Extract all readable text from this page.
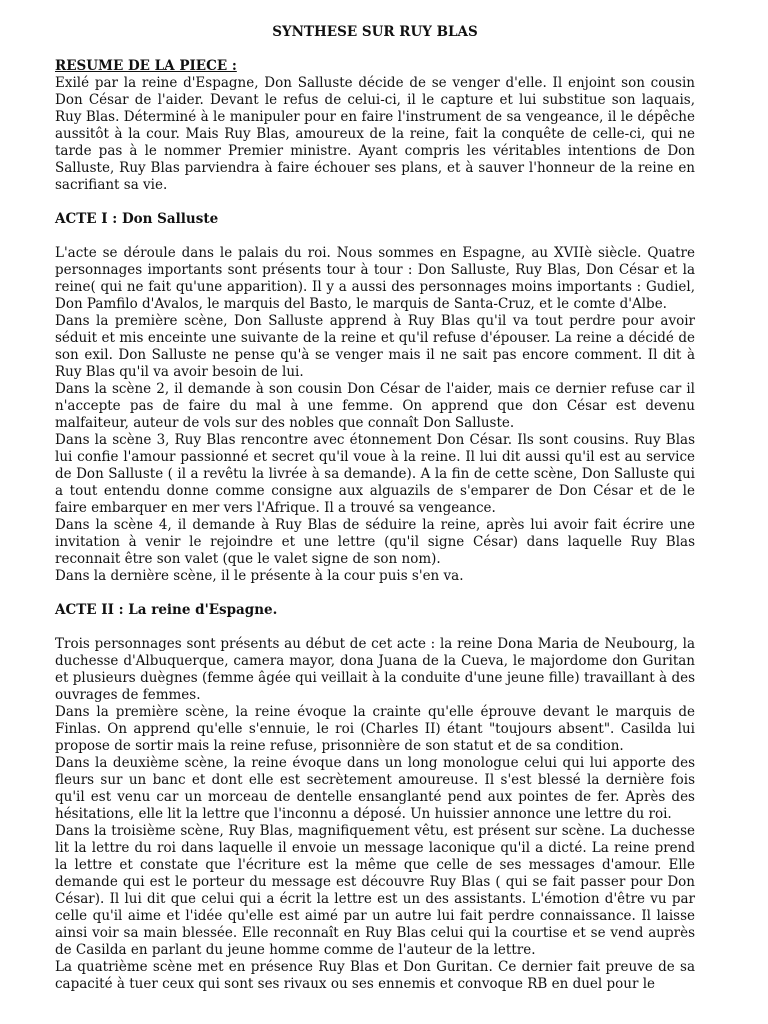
SYNTHESE SUR RUY BLAS

RESUME DE LA PIECE :

Exilé par la reine d'Espagne, Don Salluste décide de se venger d'elle. Il enjoint son cousin Don César de l'aider. Devant le refus de celui-ci, il le capture et lui substitue son laquais, Ruy Blas. Déterminé à le manipuler pour en faire l'instrument de sa vengeance, il le dépêche aussitôt à la cour. Mais Ruy Blas, amoureux de la reine, fait la conquête de celle-ci, qui ne tarde pas à le nommer Premier ministre. Ayant compris les véritables intentions de Don Salluste, Ruy Blas parviendra à faire échouer ses plans, et à sauver l'honneur de la reine en sacrifiant sa vie.

ACTE I : Don Salluste

L'acte se déroule dans le palais du roi. Nous sommes en Espagne, au XVIIè siècle. Quatre personnages importants sont présents tour à tour : Don Salluste, Ruy Blas, Don César et la reine( qui ne fait qu'une apparition). Il y a aussi des personnages moins importants : Gudiel, Don Pamfilo d'Avalos, le marquis del Basto, le marquis de Santa-Cruz, et le comte d'Albe.

Dans la première scène, Don Salluste apprend à Ruy Blas qu'il va tout perdre pour avoir séduit et mis enceinte une suivante de la reine et qu'il refuse d'épouser. La reine a décidé de son exil. Don Salluste ne pense qu'à se venger mais il ne sait pas encore comment. Il dit à Ruy Blas qu'il va avoir besoin de lui.

Dans la scène 2, il demande à son cousin Don César de l'aider, mais ce dernier refuse car il n'accepte pas de faire du mal à une femme. On apprend que don César est devenu malfaiteur, auteur de vols sur des nobles que connaît Don Salluste.

Dans la scène 3, Ruy Blas rencontre avec étonnement Don César. Ils sont cousins. Ruy Blas lui confie l'amour passionné et secret qu'il voue à la reine. Il lui dit aussi qu'il est au service de Don Salluste ( il a revêtu la livrée à sa demande). A la fin de cette scène, Don Salluste qui a tout entendu donne comme consigne aux alguazils de s'emparer de Don César et de le faire embarquer en mer vers l'Afrique. Il a trouvé sa vengeance.

Dans la scène 4, il demande à Ruy Blas de séduire la reine, après lui avoir fait écrire une invitation à venir le rejoindre et une lettre (qu'il signe César) dans laquelle Ruy Blas reconnait être son valet (que le valet signe de son nom).

Dans la dernière scène, il le présente à la cour puis s'en va.

ACTE II : La reine d'Espagne.

Trois personnages sont présents au début de cet acte : la reine Dona Maria de Neubourg, la duchesse d'Albuquerque, camera mayor, dona Juana de la Cueva, le majordome don Guritan et plusieurs duègnes (femme âgée qui veillait à la conduite d'une jeune fille) travaillant à des ouvrages de femmes.

Dans la première scène, la reine évoque la crainte qu'elle éprouve devant le marquis de Finlas. On apprend qu'elle s'ennuie, le roi (Charles II) étant "toujours absent". Casilda lui propose de sortir mais la reine refuse, prisonnière de son statut et de sa condition.

Dans la deuxième scène, la reine évoque dans un long monologue celui qui lui apporte des fleurs sur un banc et dont elle est secrètement amoureuse. Il s'est blessé la dernière fois qu'il est venu car un morceau de dentelle ensanglanté pend aux pointes de fer. Après des hésitations, elle lit la lettre que l'inconnu a déposé. Un huissier annonce une lettre du roi.

Dans la troisième scène, Ruy Blas, magnifiquement vêtu, est présent sur scène. La duchesse lit la lettre du roi dans laquelle il envoie un message laconique qu'il a dicté. La reine prend la lettre et constate que l'écriture est la même que celle de ses messages d'amour. Elle demande qui est le porteur du message est découvre Ruy Blas ( qui se fait passer pour Don César). Il lui dit que celui qui a écrit la lettre est un des assistants. L'émotion d'être vu par celle qu'il aime et l'idée qu'elle est aimé par un autre lui fait perdre connaissance. Il laisse ainsi voir sa main blessée. Elle reconnaît en Ruy Blas celui qui la courtise et se vend auprès de Casilda en parlant du jeune homme comme de l'auteur de la lettre.

La quatrième scène met en présence Ruy Blas et Don Guritan. Ce dernier fait preuve de sa capacité à tuer ceux qui sont ses rivaux ou ses ennemis et convoque RB en duel pour le
